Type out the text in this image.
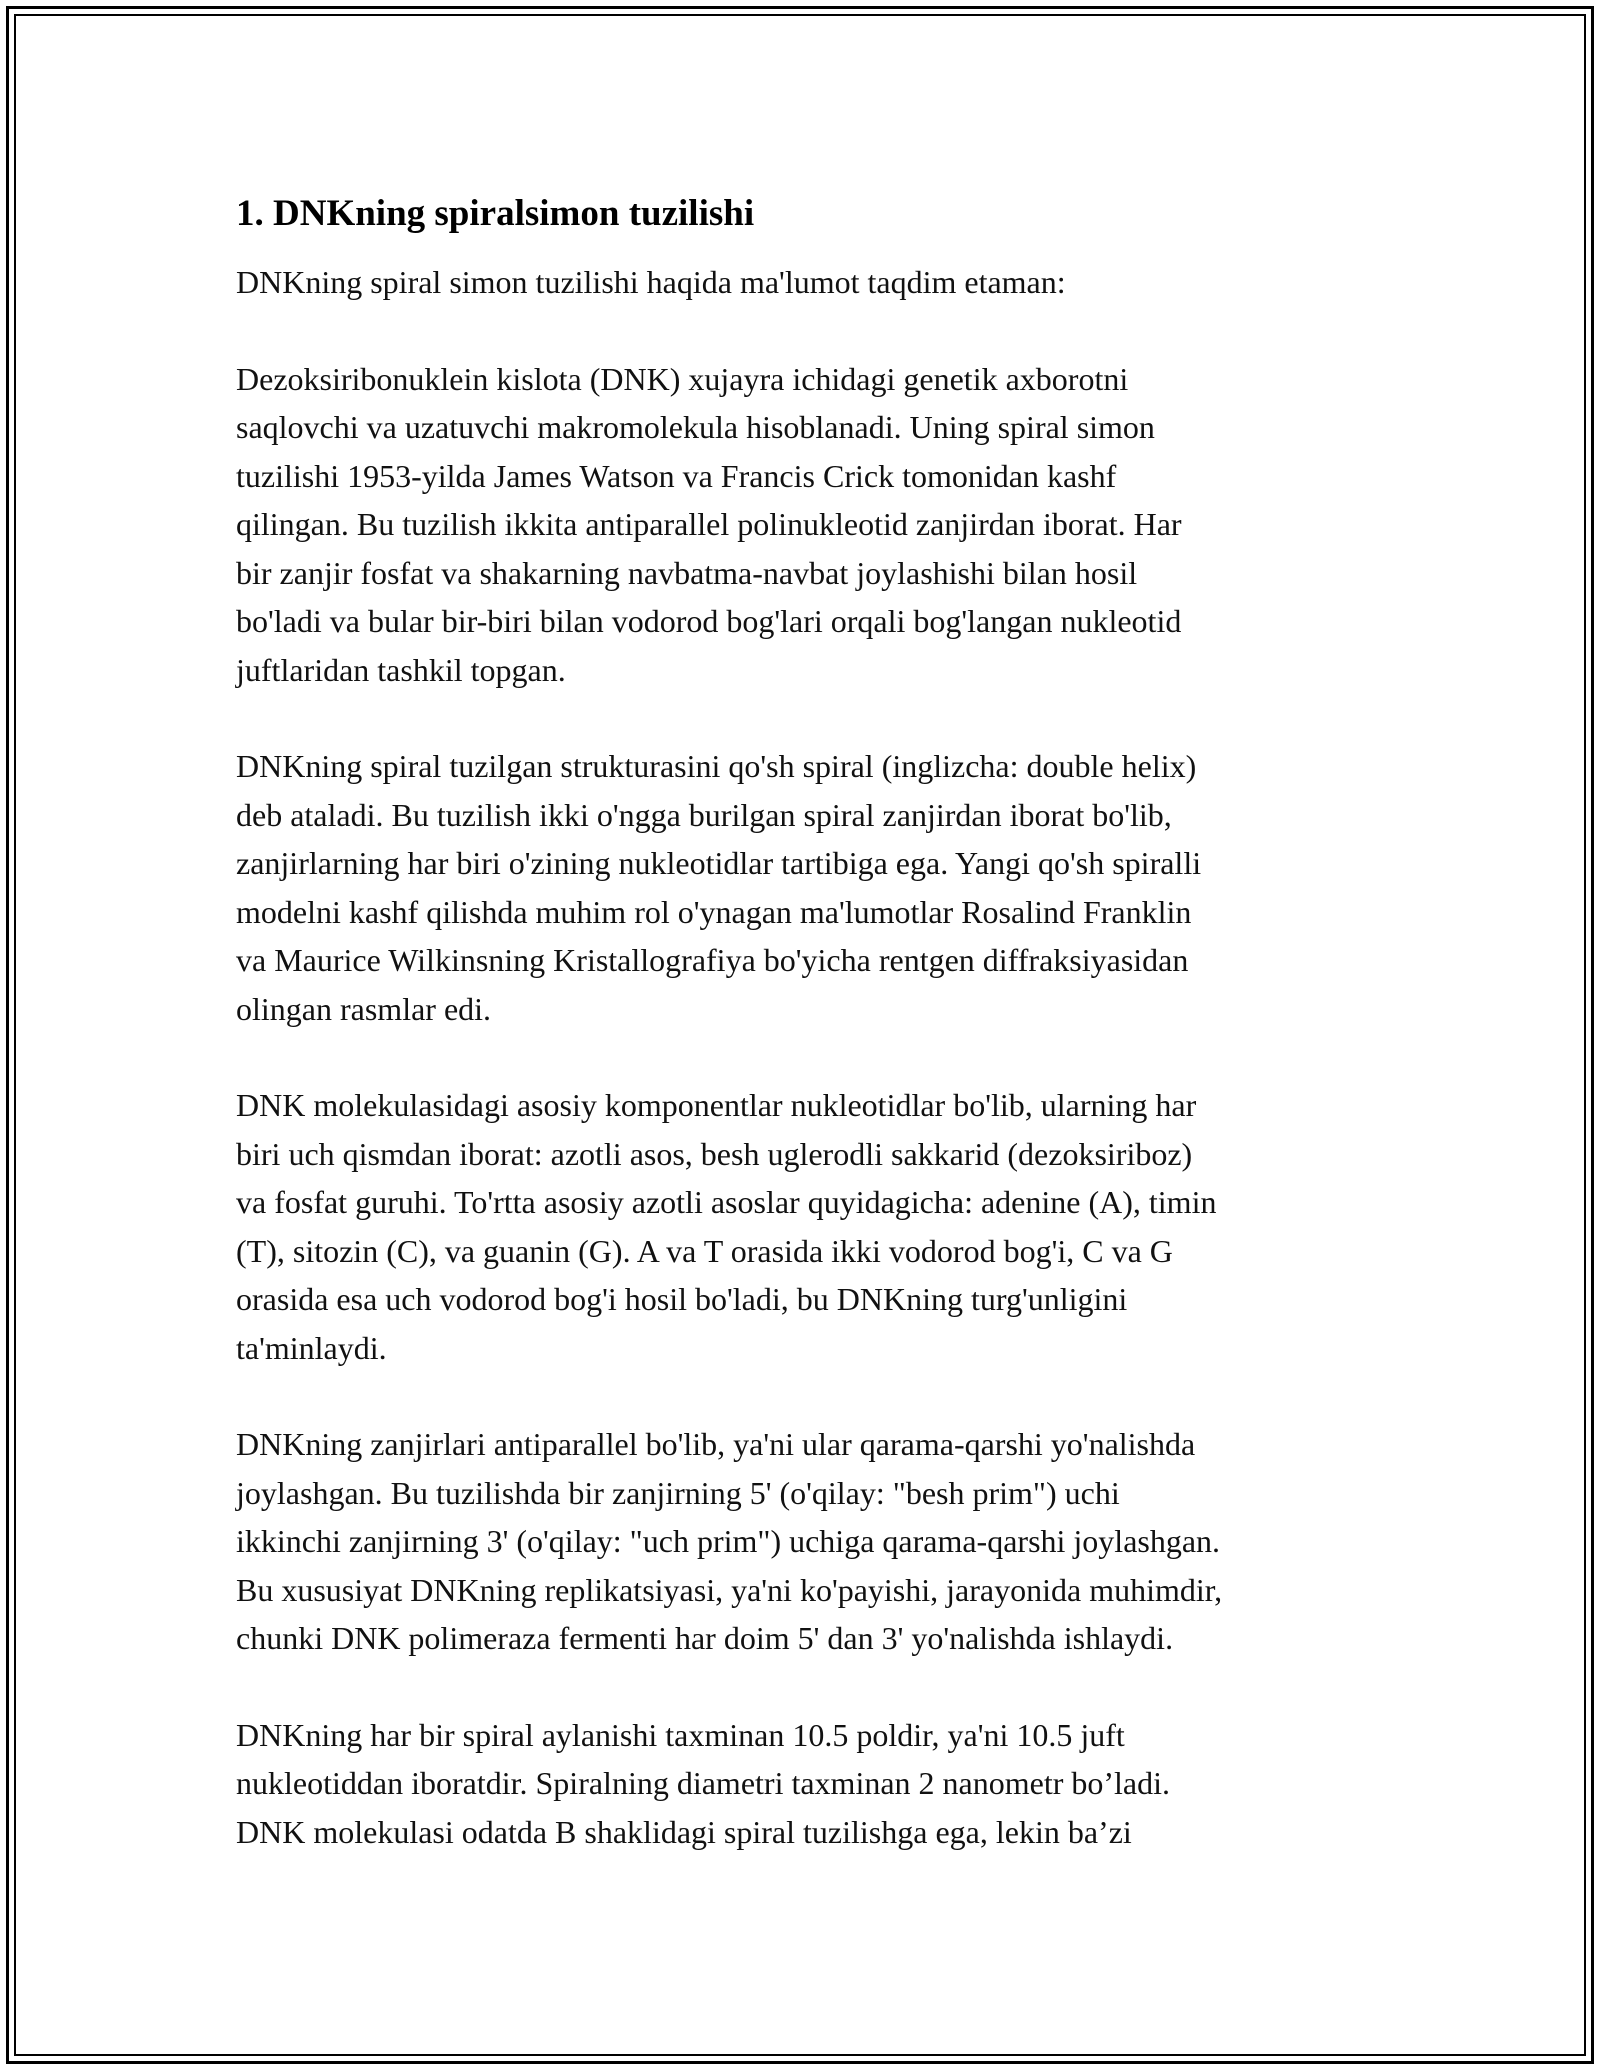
1. DNKning spiralsimon tuzilishi

DNKning spiral simon tuzilishi haqida ma'lumot taqdim etaman:

Dezoksiribonuklein kislota (DNK) xujayra ichidagi genetik axborotni
saqlovchi va uzatuvchi makromolekula hisoblanadi. Uning spiral simon
tuzilishi 1953-yilda James Watson va Francis Crick tomonidan kashf
qilingan. Bu tuzilish ikkita antiparallel polinukleotid zanjirdan iborat. Har
bir zanjir fosfat va shakarning navbatma-navbat joylashishi bilan hosil
bo'ladi va bular bir-biri bilan vodorod bog'lari orqali bog'langan nukleotid
juftlaridan tashkil topgan.

DNKning spiral tuzilgan strukturasini qo'sh spiral (inglizcha: double helix)
deb ataladi. Bu tuzilish ikki o'ngga burilgan spiral zanjirdan iborat bo'lib,
zanjirlarning har biri o'zining nukleotidlar tartibiga ega. Yangi qo'sh spiralli
modelni kashf qilishda muhim rol o'ynagan ma'lumotlar Rosalind Franklin
va Maurice Wilkinsning Kristallografiya bo'yicha rentgen diffraksiyasidan
olingan rasmlar edi.

DNK molekulasidagi asosiy komponentlar nukleotidlar bo'lib, ularning har
biri uch qismdan iborat: azotli asos, besh uglerodli sakkarid (dezoksiriboz)
va fosfat guruhi. To'rtta asosiy azotli asoslar quyidagicha: adenine (A), timin
(T), sitozin (C), va guanin (G). A va T orasida ikki vodorod bog'i, C va G
orasida esa uch vodorod bog'i hosil bo'ladi, bu DNKning turg'unligini
ta'minlaydi.

DNKning zanjirlari antiparallel bo'lib, ya'ni ular qarama-qarshi yo'nalishda
joylashgan. Bu tuzilishda bir zanjirning 5' (o'qilay: "besh prim") uchi
ikkinchi zanjirning 3' (o'qilay: "uch prim") uchiga qarama-qarshi joylashgan.
Bu xususiyat DNKning replikatsiyasi, ya'ni ko'payishi, jarayonida muhimdir,
chunki DNK polimeraza fermenti har doim 5' dan 3' yo'nalishda ishlaydi.

DNKning har bir spiral aylanishi taxminan 10.5 poldir, ya'ni 10.5 juft
nukleotiddan iboratdir. Spiralning diametri taxminan 2 nanometr bo’ladi.
DNK molekulasi odatda B shaklidagi spiral tuzilishga ega, lekin ba’zi
